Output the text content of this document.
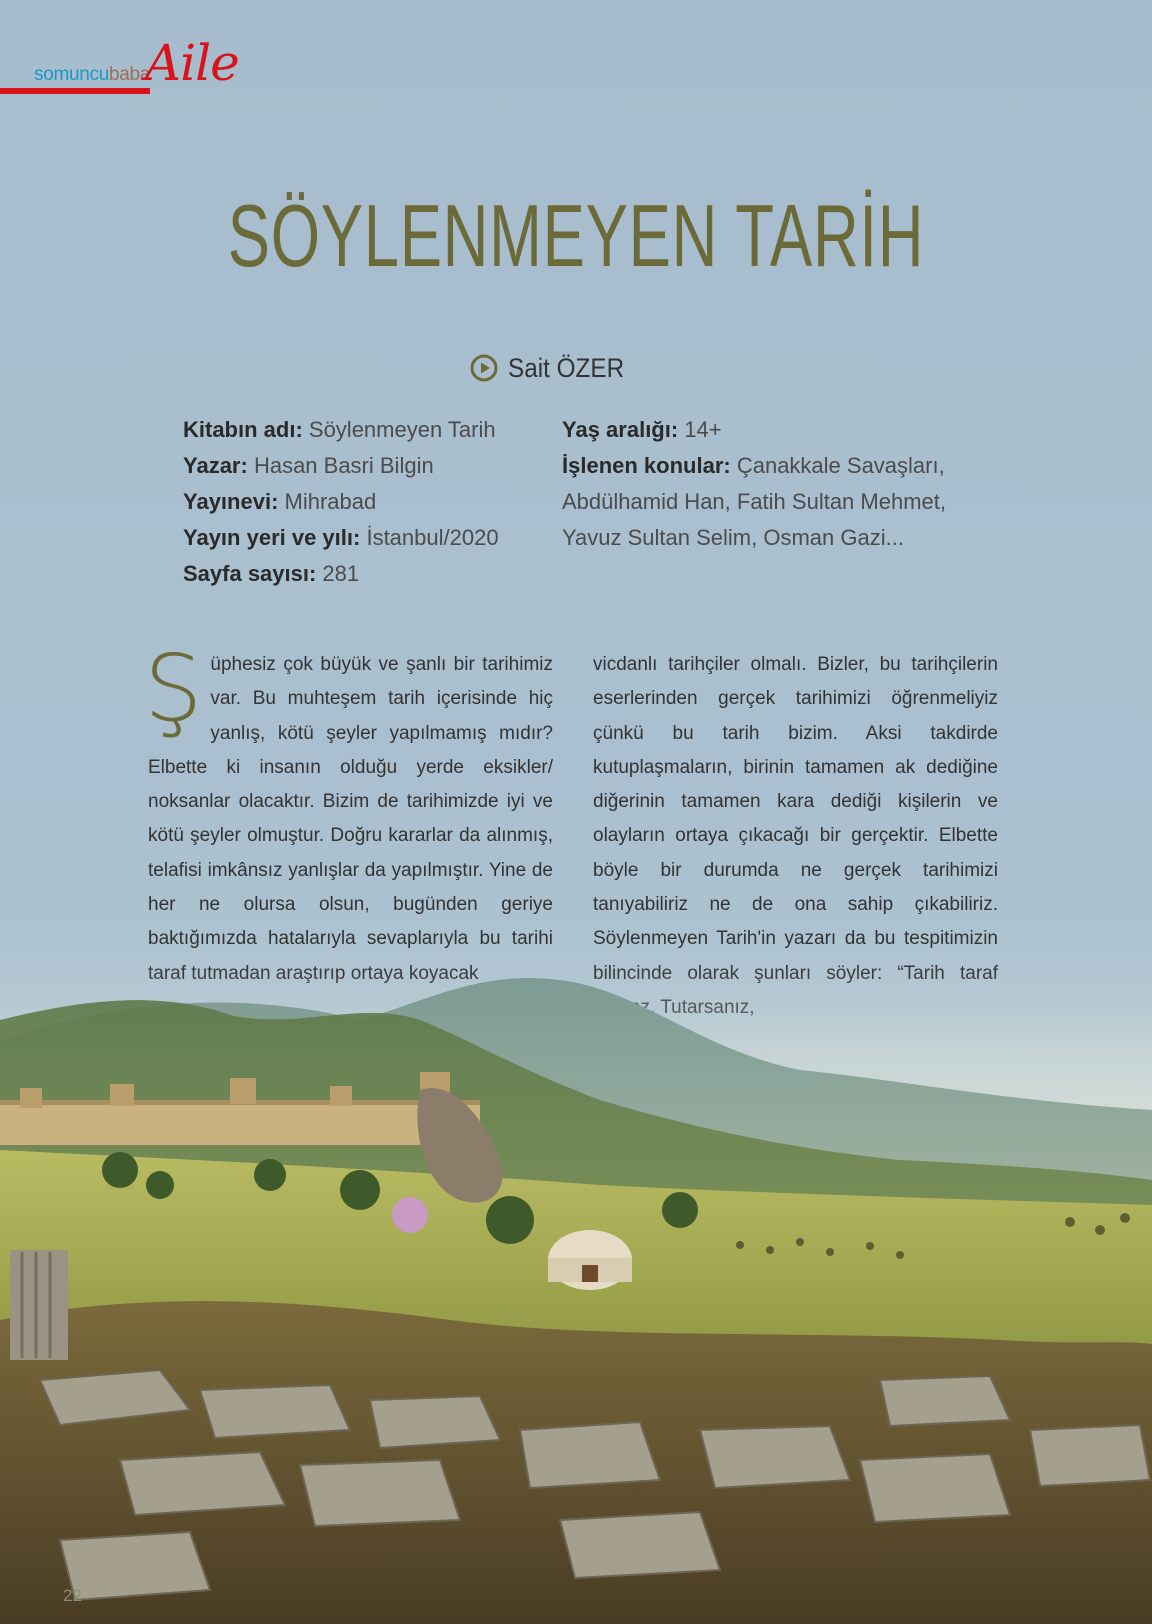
somuncubaba
Aile
SÖYLENMEYEN TARİH
Sait ÖZER
Kitabın adı: Söylenmeyen Tarih
Yazar: Hasan Basri Bilgin
Yayınevi: Mihrabad
Yayın yeri ve yılı: İstanbul/2020
Sayfa sayısı: 281
Yaş aralığı: 14+
İşlenen konular: Çanakkale Savaşları,
Abdülhamid Han, Fatih Sultan Mehmet,
Yavuz Sultan Selim, Osman Gazi...
Şüphesiz çok büyük ve şanlı bir tarihimiz var. Bu muhteşem tarih içerisinde hiç yanlış, kötü şeyler yapılmamış mıdır? Elbette ki insanın olduğu yerde eksikler/ noksanlar olacaktır. Bizim de tarihimizde iyi ve kötü şeyler olmuştur. Doğru kararlar da alınmış, telafisi imkânsız yanlışlar da yapılmıştır. Yine de her ne olursa olsun, bugünden geriye baktığımızda hatalarıyla sevaplarıyla bu tarihi
vicdanlı tarihçiler olmalı. Bizler, bu tarihçilerin eserlerinden gerçek tarihimizi öğrenmeliyiz çünkü bu tarih bizim. Aksi takdirde kutuplaşmaların, birinin tamamen ak dediğine diğerinin tamamen kara dediği kişilerin ve olayların ortaya çıkacağı bir gerçektir. Elbette böyle bir durumda ne gerçek tarihimizi tanıyabiliriz ne de ona sahip çıkabiliriz. Söylenmeyen Tarih'in yazarı da bu tespitimizin
22
